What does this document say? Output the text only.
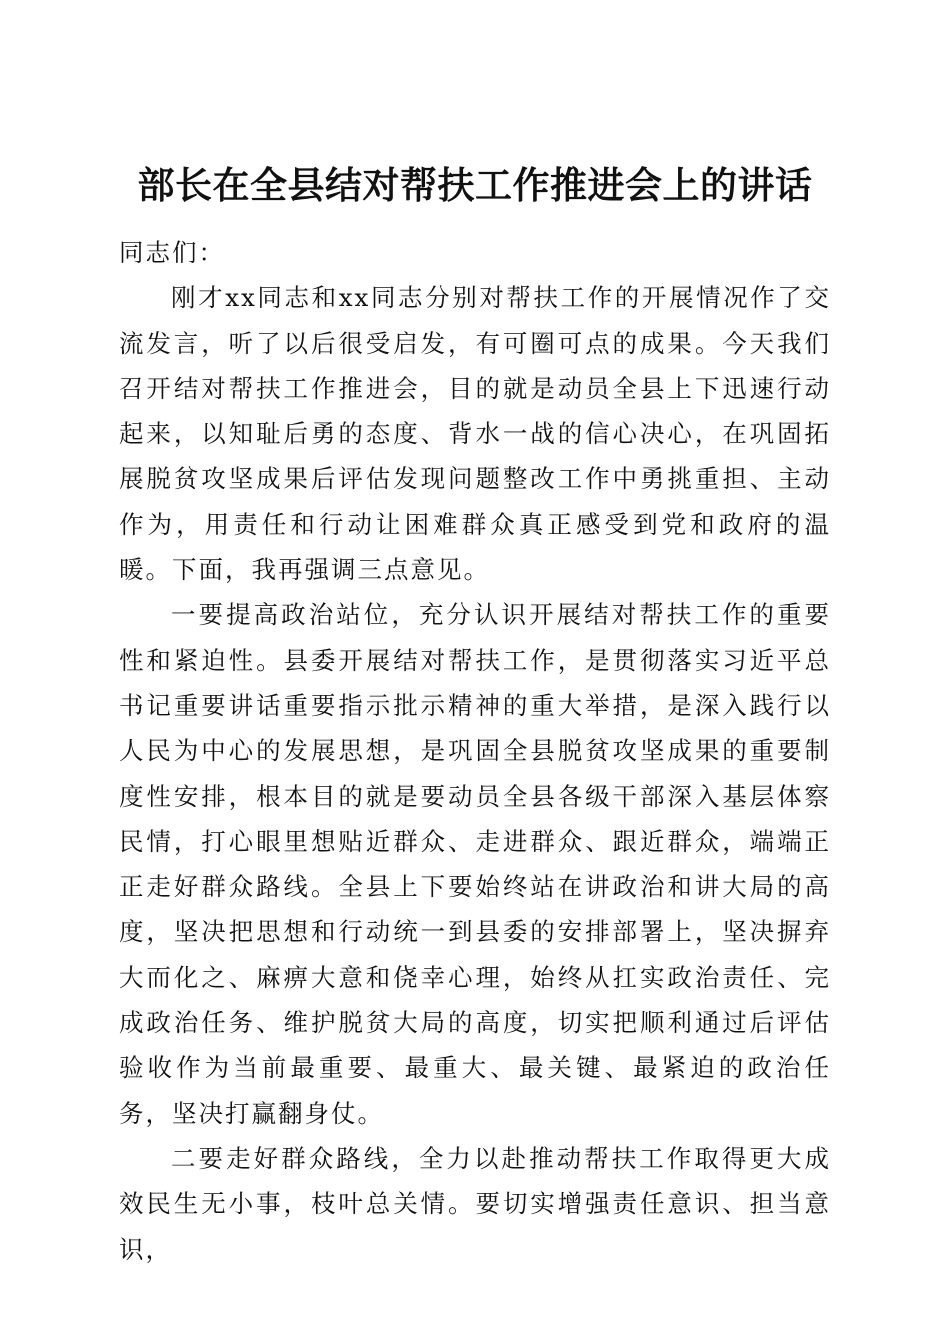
部长在全县结对帮扶工作推进会上的讲话

同志们：

刚才xx同志和xx同志分别对帮扶工作的开展情况作了交流发言，听了以后很受启发，有可圈可点的成果。今天我们召开结对帮扶工作推进会，目的就是动员全县上下迅速行动起来，以知耻后勇的态度、背水一战的信心决心，在巩固拓展脱贫攻坚成果后评估发现问题整改工作中勇挑重担、主动作为，用责任和行动让困难群众真正感受到党和政府的温暖。下面，我再强调三点意见。

一要提高政治站位，充分认识开展结对帮扶工作的重要性和紧迫性。县委开展结对帮扶工作，是贯彻落实习近平总书记重要讲话重要指示批示精神的重大举措，是深入践行以人民为中心的发展思想，是巩固全县脱贫攻坚成果的重要制度性安排，根本目的就是要动员全县各级干部深入基层体察民情，打心眼里想贴近群众、走进群众、跟近群众，端端正正走好群众路线。全县上下要始终站在讲政治和讲大局的高度，坚决把思想和行动统一到县委的安排部署上，坚决摒弃大而化之、麻痹大意和侥幸心理，始终从扛实政治责任、完成政治任务、维护脱贫大局的高度，切实把顺利通过后评估验收作为当前最重要、最重大、最关键、最紧迫的政治任务，坚决打赢翻身仗。

二要走好群众路线，全力以赴推动帮扶工作取得更大成效民生无小事，枝叶总关情。要切实增强责任意识、担当意识，
